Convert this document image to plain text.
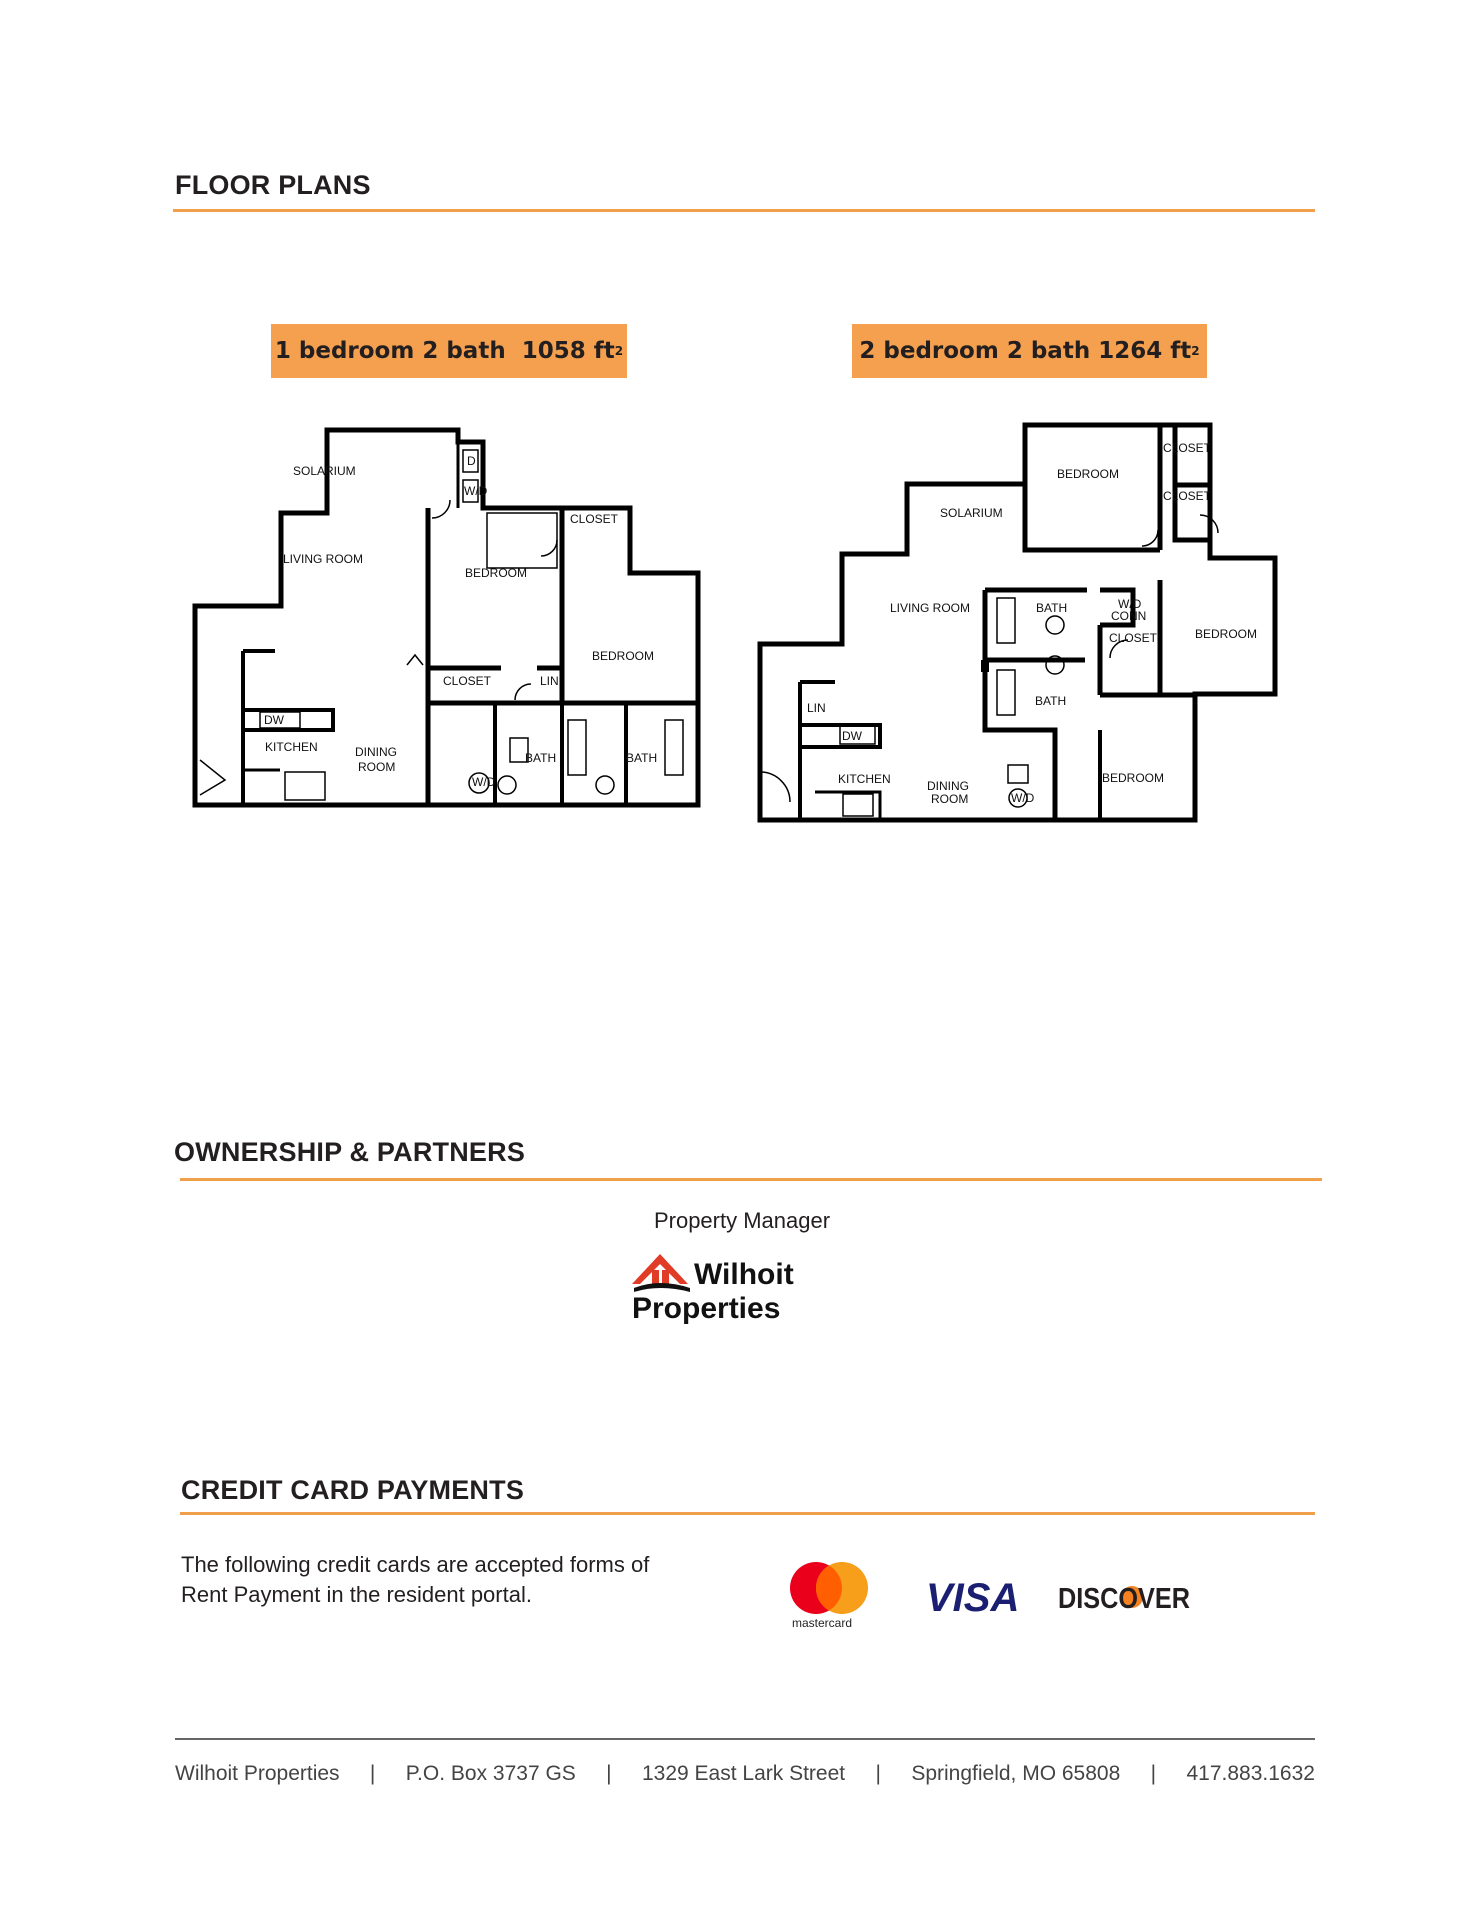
FLOOR PLANS
1 bedroom 2 bath
1058 ft 2	2 bedroom 2 bath
1264 ft 2
SOLARIUM
LIVING ROOM
BEDROOM
BEDROOM
CLOSET
CLOSET
LIN
KITCHEN	DINING
ROOM
BATH	BATH
DW
D
W/D
W/D
BEDROOM
CLOSET
CLOSET
SOLARIUM
LIVING ROOM	BATH	W/D
CONN
CLOSET	BEDROOM
BATH
LIN
DW
KITCHEN	DINING
ROOM
BEDROOM
W/D
OWNERSHIP & PARTNERS
Property Manager
Wilhoit
Properties
CREDIT CARD PAYMENTS

The following credit cards are accepted forms of
Rent Payment in the resident portal.

mastercard
VISA DISCOVER
Wilhoit Properties | P.O. Box 3737 GS | 1329 East Lark Street | Springfield, MO 65808 | 417.883.1632
